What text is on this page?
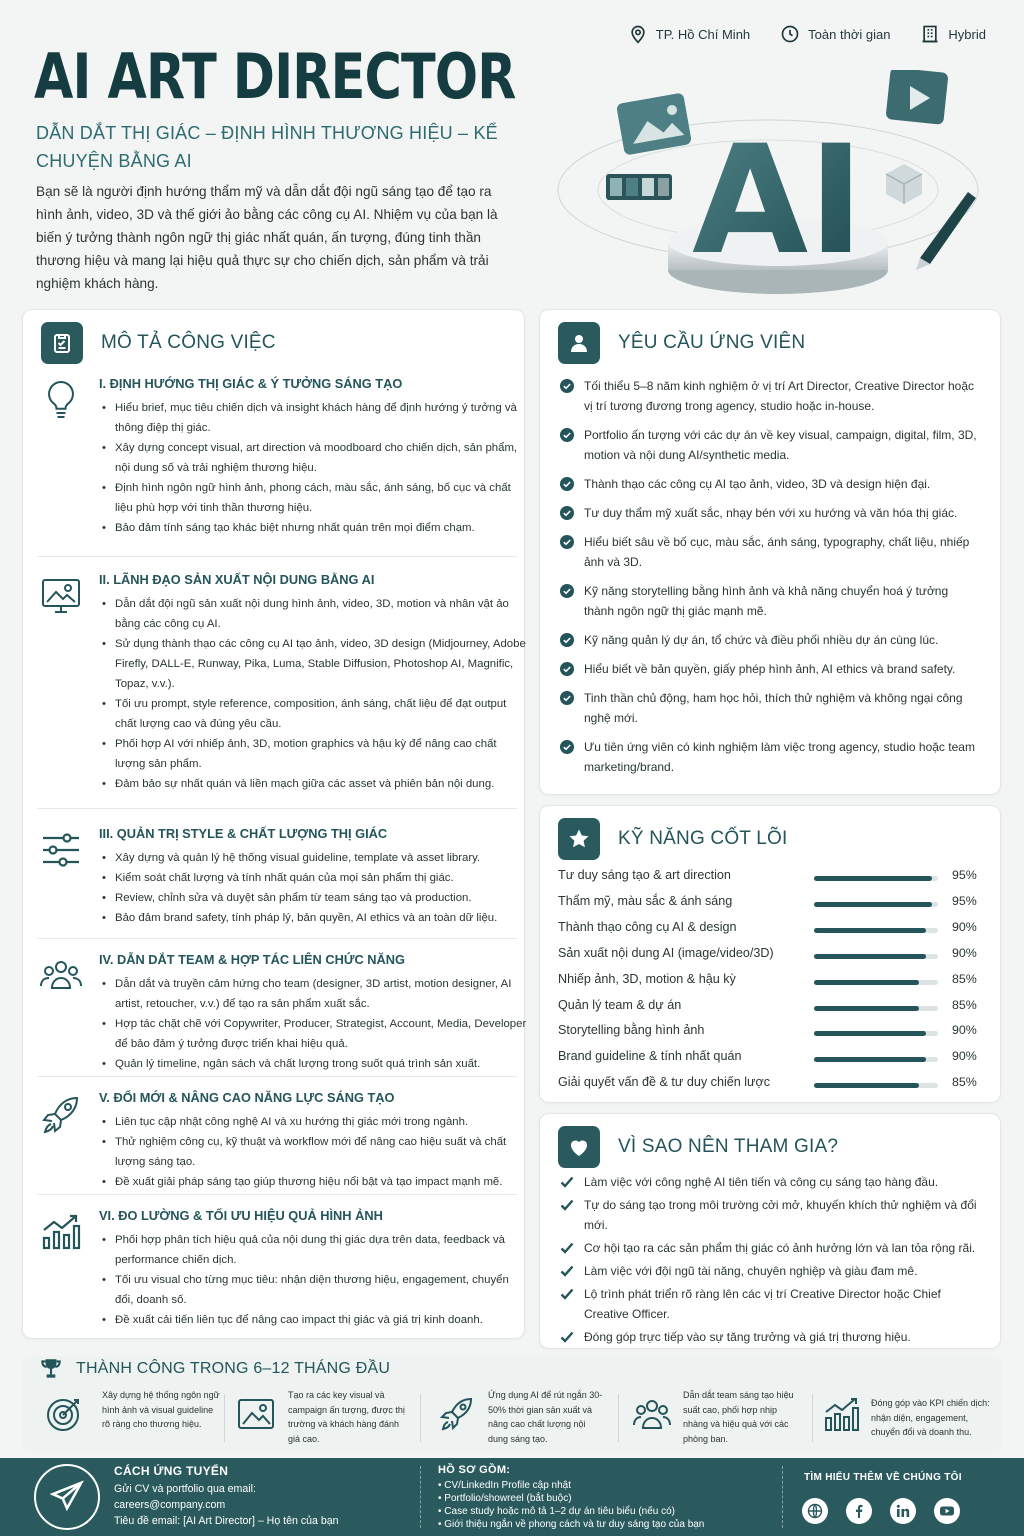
AI ART DIRECTOR
DẪN DẮT THỊ GIÁC – ĐỊNH HÌNH THƯƠNG HIỆU – KỂ CHUYỆN BẰNG AI
Bạn sẽ là người định hướng thẩm mỹ và dẫn dắt đội ngũ sáng tạo để tạo ra hình ảnh, video, 3D và thế giới ảo bằng các công cụ AI. Nhiệm vụ của bạn là biến ý tưởng thành ngôn ngữ thị giác nhất quán, ấn tượng, đúng tinh thần thương hiệu và mang lại hiệu quả thực sự cho chiến dịch, sản phẩm và trải nghiệm khách hàng.
TP. Hồ Chí Minh	Toàn thời gian	Hybrid
AI
MÔ TẢ CÔNG VIỆC
I. ĐỊNH HƯỚNG THỊ GIÁC & Ý TƯỞNG SÁNG TẠO
• Hiểu brief, mục tiêu chiến dịch và insight khách hàng để định hướng ý tưởng và thông điệp thị giác.
• Xây dựng concept visual, art direction và moodboard cho chiến dịch, sản phẩm, nội dung số và trải nghiệm thương hiệu.
• Định hình ngôn ngữ hình ảnh, phong cách, màu sắc, ánh sáng, bố cục và chất liệu phù hợp với tinh thần thương hiệu.
• Bảo đảm tính sáng tạo khác biệt nhưng nhất quán trên mọi điểm chạm.
II. LÃNH ĐẠO SẢN XUẤT NỘI DUNG BẰNG AI
• Dẫn dắt đội ngũ sản xuất nội dung hình ảnh, video, 3D, motion và nhân vật ảo bằng các công cụ AI.
• Sử dụng thành thạo các công cụ AI tạo ảnh, video, 3D design (Midjourney, Adobe Firefly, DALL-E, Runway, Pika, Luma, Stable Diffusion, Photoshop AI, Magnific, Topaz, v.v.).
• Tối ưu prompt, style reference, composition, ánh sáng, chất liệu để đạt output chất lượng cao và đúng yêu cầu.
• Phối hợp AI với nhiếp ảnh, 3D, motion graphics và hậu kỳ để nâng cao chất lượng sản phẩm.
• Đảm bảo sự nhất quán và liền mạch giữa các asset và phiên bản nội dung.
III. QUẢN TRỊ STYLE & CHẤT LƯỢNG THỊ GIÁC
• Xây dựng và quản lý hệ thống visual guideline, template và asset library.
• Kiểm soát chất lượng và tính nhất quán của mọi sản phẩm thị giác.
• Review, chỉnh sửa và duyệt sản phẩm từ team sáng tạo và production.
• Bảo đảm brand safety, tính pháp lý, bản quyền, AI ethics và an toàn dữ liệu.
IV. DẪN DẮT TEAM & HỢP TÁC LIÊN CHỨC NĂNG
• Dẫn dắt và truyền cảm hứng cho team (designer, 3D artist, motion designer, AI artist, retoucher, v.v.) để tạo ra sản phẩm xuất sắc.
• Hợp tác chặt chẽ với Copywriter, Producer, Strategist, Account, Media, Developer để bảo đảm ý tưởng được triển khai hiệu quả.
• Quản lý timeline, ngân sách và chất lượng trong suốt quá trình sản xuất.
V. ĐỔI MỚI & NÂNG CAO NĂNG LỰC SÁNG TẠO
• Liên tục cập nhật công nghệ AI và xu hướng thị giác mới trong ngành.
• Thử nghiệm công cụ, kỹ thuật và workflow mới để nâng cao hiệu suất và chất lượng sáng tạo.
• Đề xuất giải pháp sáng tạo giúp thương hiệu nổi bật và tạo impact mạnh mẽ.
VI. ĐO LƯỜNG & TỐI ƯU HIỆU QUẢ HÌNH ẢNH
• Phối hợp phân tích hiệu quả của nội dung thị giác dựa trên data, feedback và performance chiến dịch.
• Tối ưu visual cho từng mục tiêu: nhận diện thương hiệu, engagement, chuyển đổi, doanh số.
• Đề xuất cải tiến liên tục để nâng cao impact thị giác và giá trị kinh doanh.
YÊU CẦU ỨNG VIÊN
Tối thiểu 5–8 năm kinh nghiệm ở vị trí Art Director, Creative Director hoặc vị trí tương đương trong agency, studio hoặc in-house.
Portfolio ấn tượng với các dự án về key visual, campaign, digital, film, 3D, motion và nội dung AI/synthetic media.
Thành thạo các công cụ AI tạo ảnh, video, 3D và design hiện đại.
Tư duy thẩm mỹ xuất sắc, nhạy bén với xu hướng và văn hóa thị giác.
Hiểu biết sâu về bố cục, màu sắc, ánh sáng, typography, chất liệu, nhiếp ảnh và 3D.
Kỹ năng storytelling bằng hình ảnh và khả năng chuyển hoá ý tưởng thành ngôn ngữ thị giác mạnh mẽ.
Kỹ năng quản lý dự án, tổ chức và điều phối nhiều dự án cùng lúc.
Hiểu biết về bản quyền, giấy phép hình ảnh, AI ethics và brand safety.
Tinh thần chủ động, ham học hỏi, thích thử nghiệm và không ngại công nghệ mới.
Ưu tiên ứng viên có kinh nghiệm làm việc trong agency, studio hoặc team marketing/brand.
KỸ NĂNG CỐT LÕI
Tư duy sáng tạo & art direction	95%
Thẩm mỹ, màu sắc & ánh sáng	95%
Thành thạo công cụ AI & design	90%
Sản xuất nội dung AI (image/video/3D)	90%
Nhiếp ảnh, 3D, motion & hậu kỳ	85%
Quản lý team & dự án	85%
Storytelling bằng hình ảnh	90%
Brand guideline & tính nhất quán	90%
Giải quyết vấn đề & tư duy chiến lược	85%
VÌ SAO NÊN THAM GIA?
Làm việc với công nghệ AI tiên tiến và công cụ sáng tạo hàng đầu.
Tự do sáng tạo trong môi trường cởi mở, khuyến khích thử nghiệm và đổi mới.
Cơ hội tạo ra các sản phẩm thị giác có ảnh hưởng lớn và lan tỏa rộng rãi.
Làm việc với đội ngũ tài năng, chuyên nghiệp và giàu đam mê.
Lộ trình phát triển rõ ràng lên các vị trí Creative Director hoặc Chief Creative Officer.
Đóng góp trực tiếp vào sự tăng trưởng và giá trị thương hiệu.
THÀNH CÔNG TRONG 6–12 THÁNG ĐẦU
Xây dựng hệ thống ngôn ngữ hình ảnh và visual guideline rõ ràng cho thương hiệu.
Tạo ra các key visual và campaign ấn tượng, được thị trường và khách hàng đánh giá cao.
Ứng dụng AI để rút ngắn 30-50% thời gian sản xuất và nâng cao chất lượng nội dung sáng tạo.
Dẫn dắt team sáng tạo hiệu suất cao, phối hợp nhịp nhàng và hiệu quả với các phòng ban.
Đóng góp vào KPI chiến dịch: nhận diện, engagement, chuyển đổi và doanh thu.
CÁCH ỨNG TUYỂN

Gửi CV và portfolio qua email:

careers@company.com

Tiêu đề email: [AI Art Director] – Họ tên của bạn

HỒ SƠ GỒM:
• CV/LinkedIn Profile cập nhật
• Portfolio/showreel (bắt buộc)
• Case study hoặc mô tả 1–2 dự án tiêu biểu (nếu có)
• Giới thiệu ngắn về phong cách và tư duy sáng tạo của bạn
TÌM HIỂU THÊM VỀ CHÚNG TÔI
